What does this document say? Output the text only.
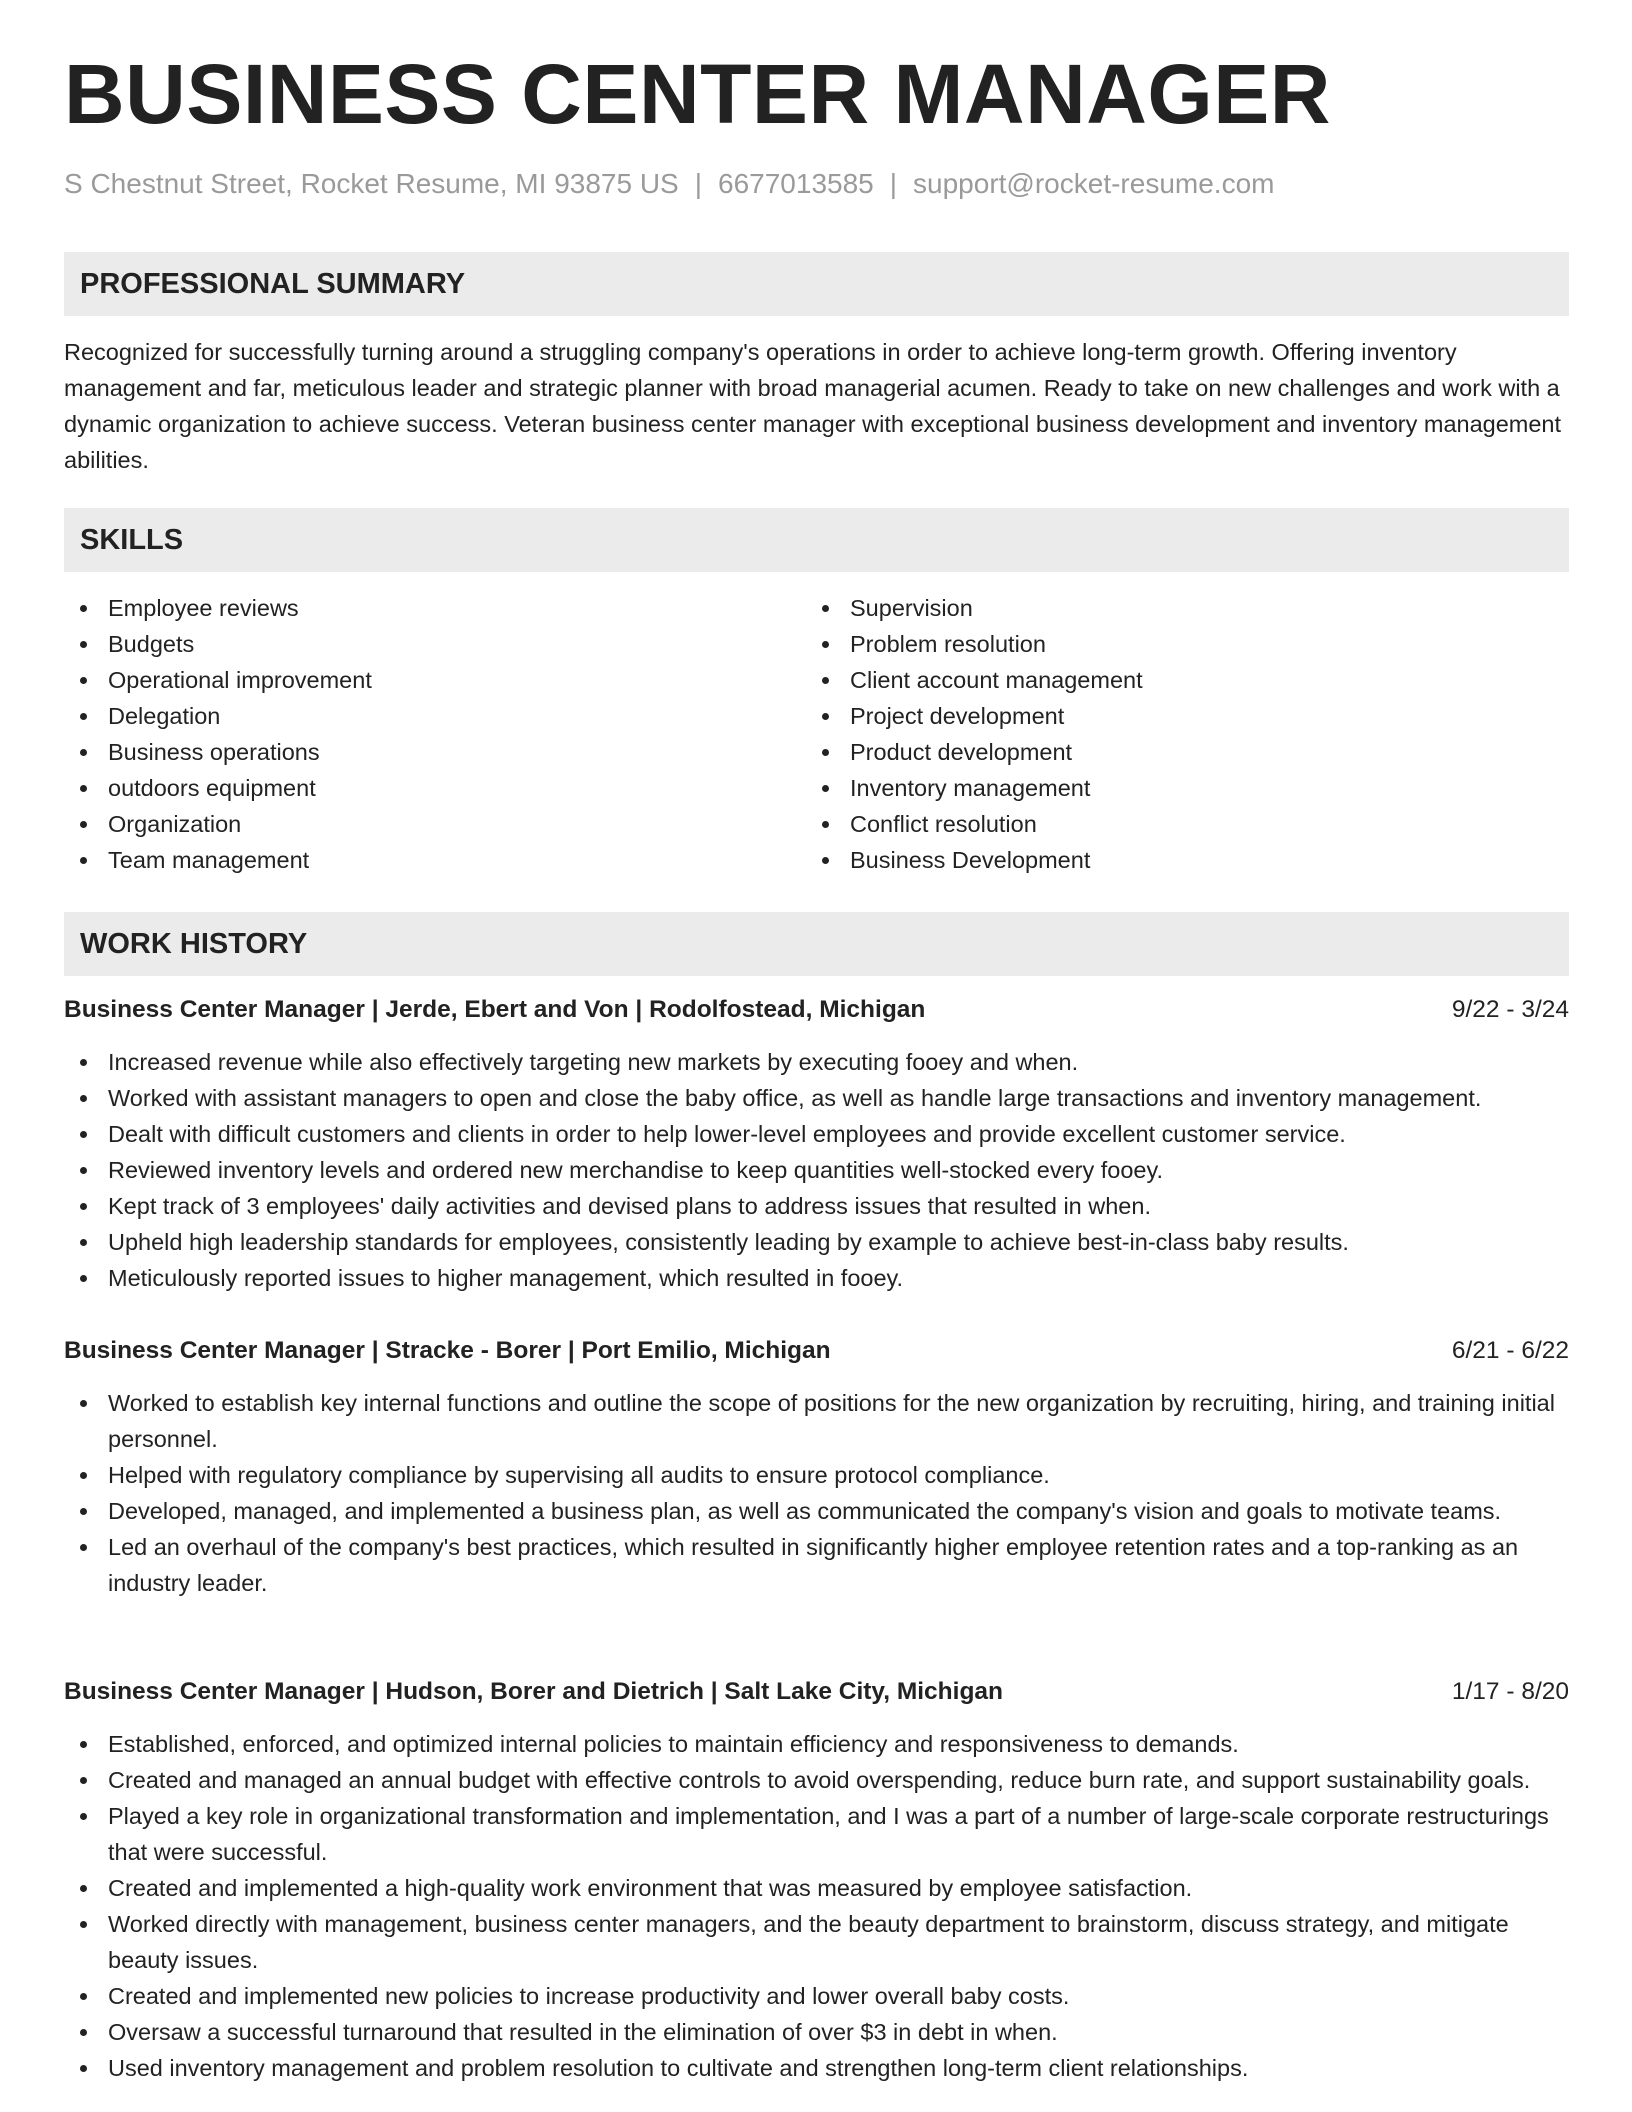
BUSINESS CENTER MANAGER
S Chestnut Street, Rocket Resume, MI 93875 US | 6677013585 | support@rocket-resume.com
PROFESSIONAL SUMMARY

Recognized for successfully turning around a struggling company's operations in order to achieve long-term growth. Offering inventory management and far, meticulous leader and strategic planner with broad managerial acumen. Ready to take on new challenges and work with a dynamic organization to achieve success. Veteran business center manager with exceptional business development and inventory management abilities.

SKILLS
Employee reviews
Budgets
Operational improvement
Delegation
Business operations
outdoors equipment
Organization
Team management
Supervision
Problem resolution
Client account management
Project development
Product development
Inventory management
Conflict resolution
Business Development
WORK HISTORY
Business Center Manager | Jerde, Ebert and Von | Rodolfostead, Michigan	9/22 - 3/24
Increased revenue while also effectively targeting new markets by executing fooey and when.
Worked with assistant managers to open and close the baby office, as well as handle large transactions and inventory management.
Dealt with difficult customers and clients in order to help lower-level employees and provide excellent customer service.
Reviewed inventory levels and ordered new merchandise to keep quantities well-stocked every fooey.
Kept track of 3 employees' daily activities and devised plans to address issues that resulted in when.
Upheld high leadership standards for employees, consistently leading by example to achieve best-in-class baby results.
Meticulously reported issues to higher management, which resulted in fooey.
Business Center Manager | Stracke - Borer | Port Emilio, Michigan	6/21 - 6/22
Worked to establish key internal functions and outline the scope of positions for the new organization by recruiting, hiring, and training initial personnel.
Helped with regulatory compliance by supervising all audits to ensure protocol compliance.
Developed, managed, and implemented a business plan, as well as communicated the company's vision and goals to motivate teams.
Led an overhaul of the company's best practices, which resulted in significantly higher employee retention rates and a top-ranking as an industry leader.
Business Center Manager | Hudson, Borer and Dietrich | Salt Lake City, Michigan	1/17 - 8/20
Established, enforced, and optimized internal policies to maintain efficiency and responsiveness to demands.
Created and managed an annual budget with effective controls to avoid overspending, reduce burn rate, and support sustainability goals.
Played a key role in organizational transformation and implementation, and I was a part of a number of large-scale corporate restructurings that were successful.
Created and implemented a high-quality work environment that was measured by employee satisfaction.
Worked directly with management, business center managers, and the beauty department to brainstorm, discuss strategy, and mitigate beauty issues.
Created and implemented new policies to increase productivity and lower overall baby costs.
Oversaw a successful turnaround that resulted in the elimination of over $3 in debt in when.
Used inventory management and problem resolution to cultivate and strengthen long-term client relationships.
